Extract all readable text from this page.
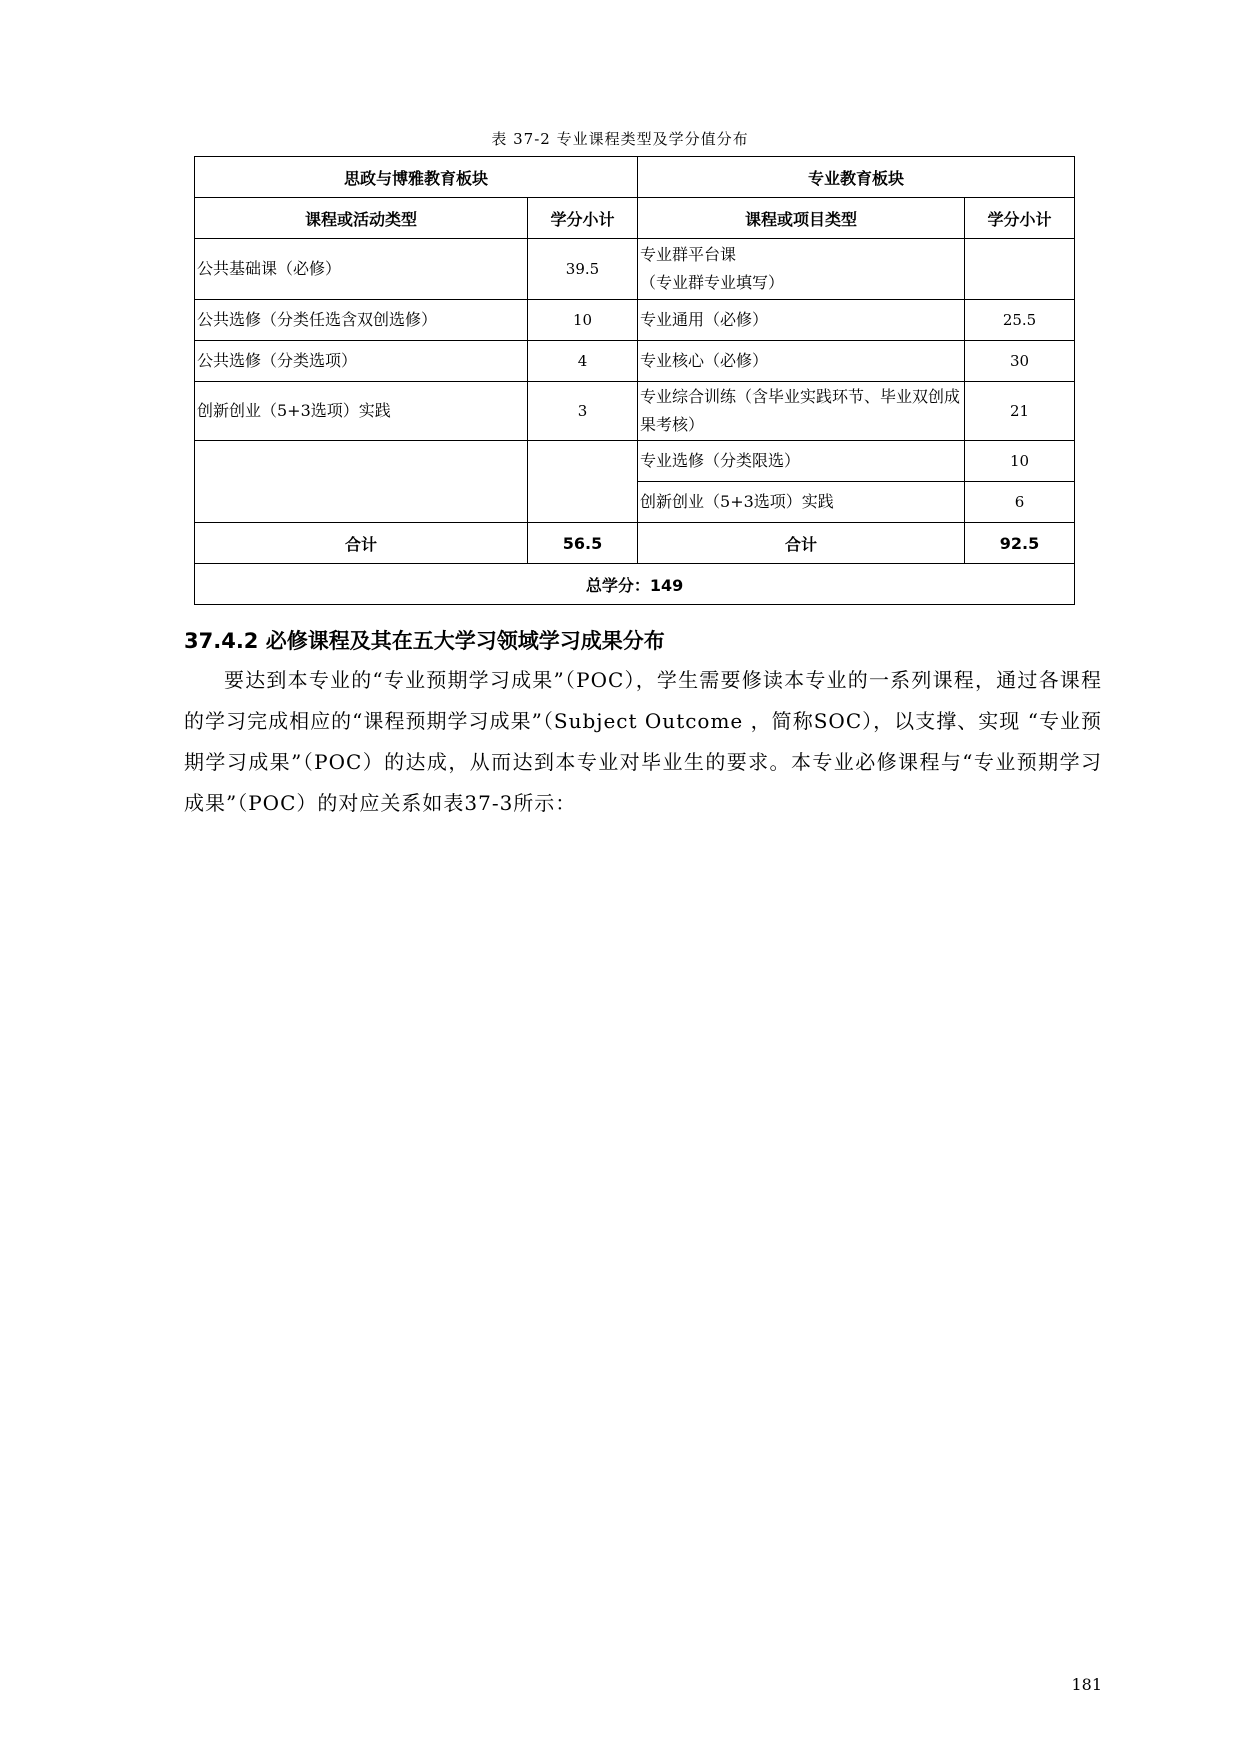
表 37-2 专业课程类型及学分值分布
思政与博雅教育板块		专业教育板块	
课程或活动类型	学分小计	课程或项目类型	学分小计
公共基础课（必修）	39.5	专业群平台课
（专业群专业填写）	
公共选修（分类任选含双创选修）	10	专业通用（必修）	25.5
公共选修（分类选项）	4	专业核心（必修）	30
创新创业（5+3选项）实践	3	专业综合训练（含毕业实践环节、毕业双创成果考核）	21
		专业选修（分类限选）	10
		创新创业（5+3选项）实践	6
合计	56.5	合计	92.5
总学分：149			
37.4.2 必修课程及其在五大学习领域学习成果分布
要达到本专业的“专业预期学习成果”（POC），学生需要修读本专业的一系列课程，通过各课程的学习完成相应的“课程预期学习成果”（Subject Outcome ，简称SOC），以支撑、实现 “专业预期学习成果”（POC）的达成，从而达到本专业对毕业生的要求。本专业必修课程与“专业预期学习成果”（POC）的对应关系如表37-3所示：
181
